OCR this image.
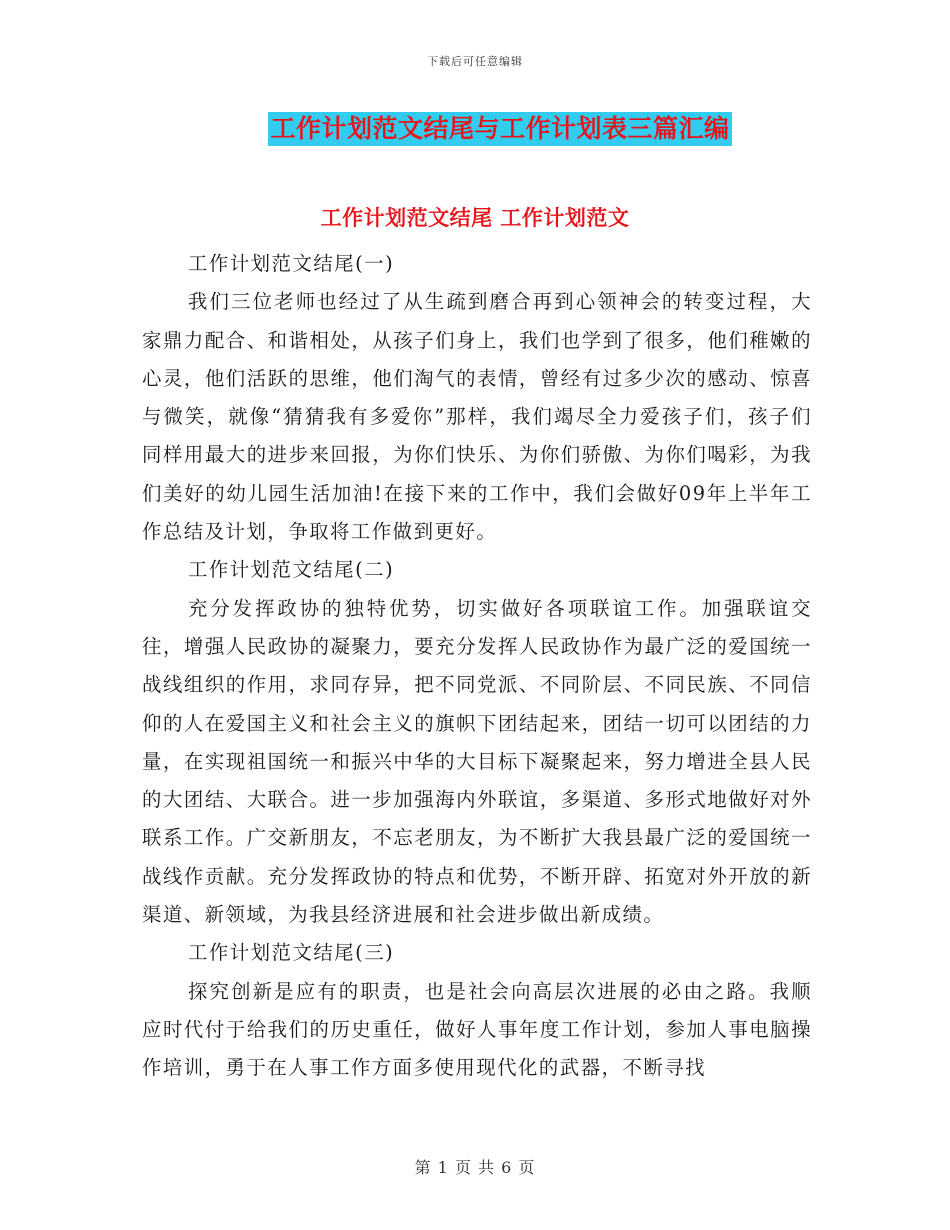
下载后可任意编辑
工作计划范文结尾与工作计划表三篇汇编
工作计划范文结尾 工作计划范文

工作计划范文结尾(一)

我们三位老师也经过了从生疏到磨合再到心领神会的转变过程，大家鼎力配合、和谐相处，从孩子们身上，我们也学到了很多，他们稚嫩的心灵，他们活跃的思维，他们淘气的表情，曾经有过多少次的感动、惊喜与微笑，就像“猜猜我有多爱你”那样，我们竭尽全力爱孩子们，孩子们同样用最大的进步来回报，为你们快乐、为你们骄傲、为你们喝彩，为我们美好的幼儿园生活加油!在接下来的工作中，我们会做好09年上半年工作总结及计划，争取将工作做到更好。

工作计划范文结尾(二)

充分发挥政协的独特优势，切实做好各项联谊工作。加强联谊交往，增强人民政协的凝聚力，要充分发挥人民政协作为最广泛的爱国统一战线组织的作用，求同存异，把不同党派、不同阶层、不同民族、不同信仰的人在爱国主义和社会主义的旗帜下团结起来，团结一切可以团结的力量，在实现祖国统一和振兴中华的大目标下凝聚起来，努力增进全县人民的大团结、大联合。进一步加强海内外联谊，多渠道、多形式地做好对外联系工作。广交新朋友，不忘老朋友，为不断扩大我县最广泛的爱国统一战线作贡献。充分发挥政协的特点和优势，不断开辟、拓宽对外开放的新渠道、新领域，为我县经济进展和社会进步做出新成绩。

工作计划范文结尾(三)

探究创新是应有的职责，也是社会向高层次进展的必由之路。我顺应时代付于给我们的历史重任，做好人事年度工作计划，参加人事电脑操作培训，勇于在人事工作方面多使用现代化的武器，不断寻找

第 1 页 共 6 页
